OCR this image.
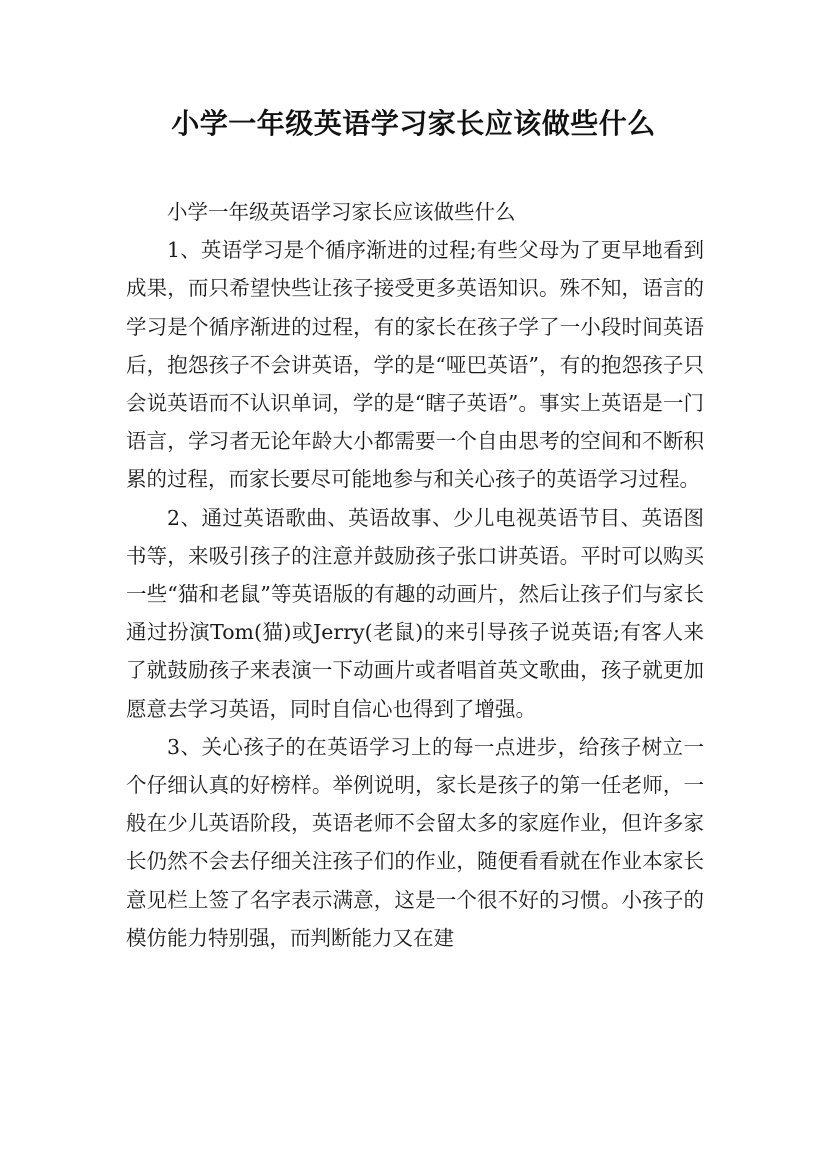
小学一年级英语学习家长应该做些什么

小学一年级英语学习家长应该做些什么

1、英语学习是个循序渐进的过程;有些父母为了更早地看到成果，而只希望快些让孩子接受更多英语知识。殊不知，语言的学习是个循序渐进的过程，有的家长在孩子学了一小段时间英语后，抱怨孩子不会讲英语，学的是“哑巴英语”，有的抱怨孩子只会说英语而不认识单词，学的是“瞎子英语”。事实上英语是一门语言，学习者无论年龄大小都需要一个自由思考的空间和不断积累的过程，而家长要尽可能地参与和关心孩子的英语学习过程。

2、通过英语歌曲、英语故事、少儿电视英语节目、英语图书等，来吸引孩子的注意并鼓励孩子张口讲英语。平时可以购买一些“猫和老鼠”等英语版的有趣的动画片，然后让孩子们与家长通过扮演Tom(猫)或Jerry(老鼠)的来引导孩子说英语;有客人来了就鼓励孩子来表演一下动画片或者唱首英文歌曲，孩子就更加愿意去学习英语，同时自信心也得到了增强。

3、关心孩子的在英语学习上的每一点进步，给孩子树立一个仔细认真的好榜样。举例说明，家长是孩子的第一任老师，一般在少儿英语阶段，英语老师不会留太多的家庭作业，但许多家长仍然不会去仔细关注孩子们的作业，随便看看就在作业本家长意见栏上签了名字表示满意，这是一个很不好的习惯。小孩子的模仿能力特别强，而判断能力又在建
